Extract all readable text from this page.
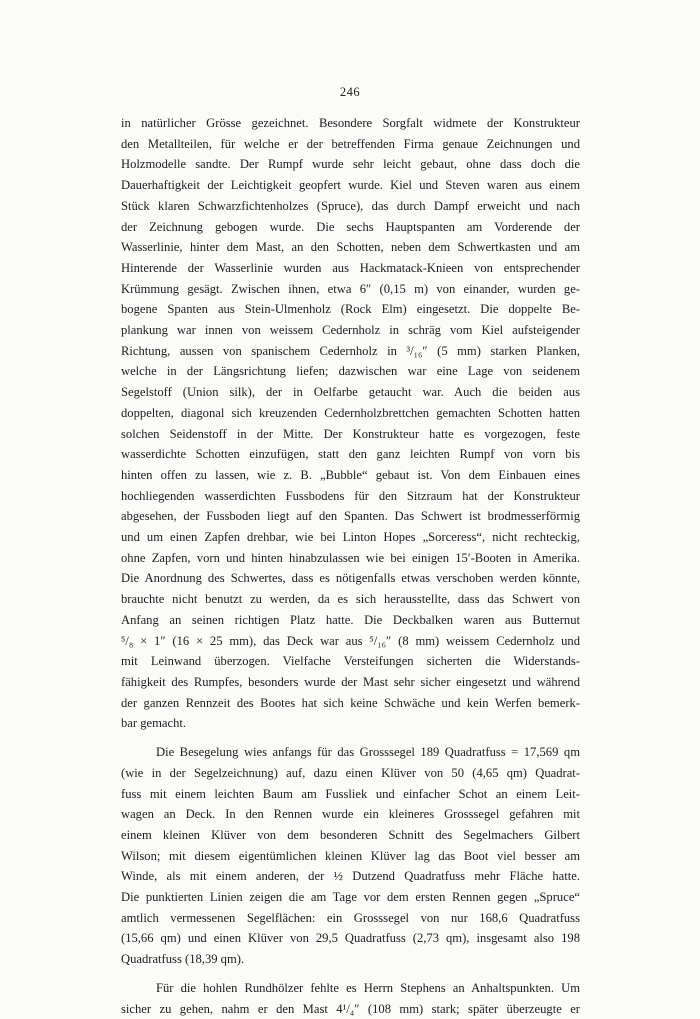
246
in natürlicher Grösse gezeichnet. Besondere Sorgfalt widmete der Konstrukteur
den Metallteilen, für welche er der betreffenden Firma genaue Zeichnungen und
Holzmodelle sandte. Der Rumpf wurde sehr leicht gebaut, ohne dass doch die
Dauerhaftigkeit der Leichtigkeit geopfert wurde. Kiel und Steven waren aus einem
Stück klaren Schwarzfichtenholzes (Spruce), das durch Dampf erweicht und nach
der Zeichnung gebogen wurde. Die sechs Hauptspanten am Vorderende der
Wasserlinie, hinter dem Mast, an den Schotten, neben dem Schwertkasten und am
Hinterende der Wasserlinie wurden aus Hackmatack-Knieen von entsprechender
Krümmung gesägt. Zwischen ihnen, etwa 6″ (0,15 m) von einander, wurden ge-
bogene Spanten aus Stein-Ulmenholz (Rock Elm) eingesetzt. Die doppelte Be-
plankung war innen von weissem Cedernholz in schräg vom Kiel aufsteigender
Richtung, aussen von spanischem Cedernholz in ³/₁₆″ (5 mm) starken Planken,
welche in der Längsrichtung liefen; dazwischen war eine Lage von seidenem
Segelstoff (Union silk), der in Oelfarbe getaucht war. Auch die beiden aus
doppelten, diagonal sich kreuzenden Cedernholzbrettchen gemachten Schotten hatten
solchen Seidenstoff in der Mitte. Der Konstrukteur hatte es vorgezogen, feste
wasserdichte Schotten einzufügen, statt den ganz leichten Rumpf von vorn bis
hinten offen zu lassen, wie z. B. „Bubble“ gebaut ist. Von dem Einbauen eines
hochliegenden wasserdichten Fussbodens für den Sitzraum hat der Konstrukteur
abgesehen, der Fussboden liegt auf den Spanten. Das Schwert ist brodmesserförmig
und um einen Zapfen drehbar, wie bei Linton Hopes „Sorceress“, nicht rechteckig,
ohne Zapfen, vorn und hinten hinabzulassen wie bei einigen 15′-Booten in Amerika.
Die Anordnung des Schwertes, dass es nötigenfalls etwas verschoben werden könnte,
brauchte nicht benutzt zu werden, da es sich herausstellte, dass das Schwert von
Anfang an seinen richtigen Platz hatte. Die Deckbalken waren aus Butternut
⁵/₈ × 1″ (16 × 25 mm), das Deck war aus ⁵/₁₆″ (8 mm) weissem Cedernholz und
mit Leinwand überzogen. Vielfache Versteifungen sicherten die Widerstands-
fähigkeit des Rumpfes, besonders wurde der Mast sehr sicher eingesetzt und während
der ganzen Rennzeit des Bootes hat sich keine Schwäche und kein Werfen bemerk-
bar gemacht.
Die Besegelung wies anfangs für das Grosssegel 189 Quadratfuss = 17,569 qm
(wie in der Segelzeichnung) auf, dazu einen Klüver von 50 (4,65 qm) Quadrat-
fuss mit einem leichten Baum am Fussliek und einfacher Schot an einem Leit-
wagen an Deck. In den Rennen wurde ein kleineres Grosssegel gefahren mit
einem kleinen Klüver von dem besonderen Schnitt des Segelmachers Gilbert
Wilson; mit diesem eigentümlichen kleinen Klüver lag das Boot viel besser am
Winde, als mit einem anderen, der ½ Dutzend Quadratfuss mehr Fläche hatte.
Die punktierten Linien zeigen die am Tage vor dem ersten Rennen gegen „Spruce“
amtlich vermessenen Segelflächen: ein Grosssegel von nur 168,6 Quadratfuss
(15,66 qm) und einen Klüver von 29,5 Quadratfuss (2,73 qm), insgesamt also 198
Quadratfuss (18,39 qm).
Für die hohlen Rundhölzer fehlte es Herrn Stephens an Anhaltspunkten. Um
sicher zu gehen, nahm er den Mast 4¹/₄″ (108 mm) stark; später überzeugte er
